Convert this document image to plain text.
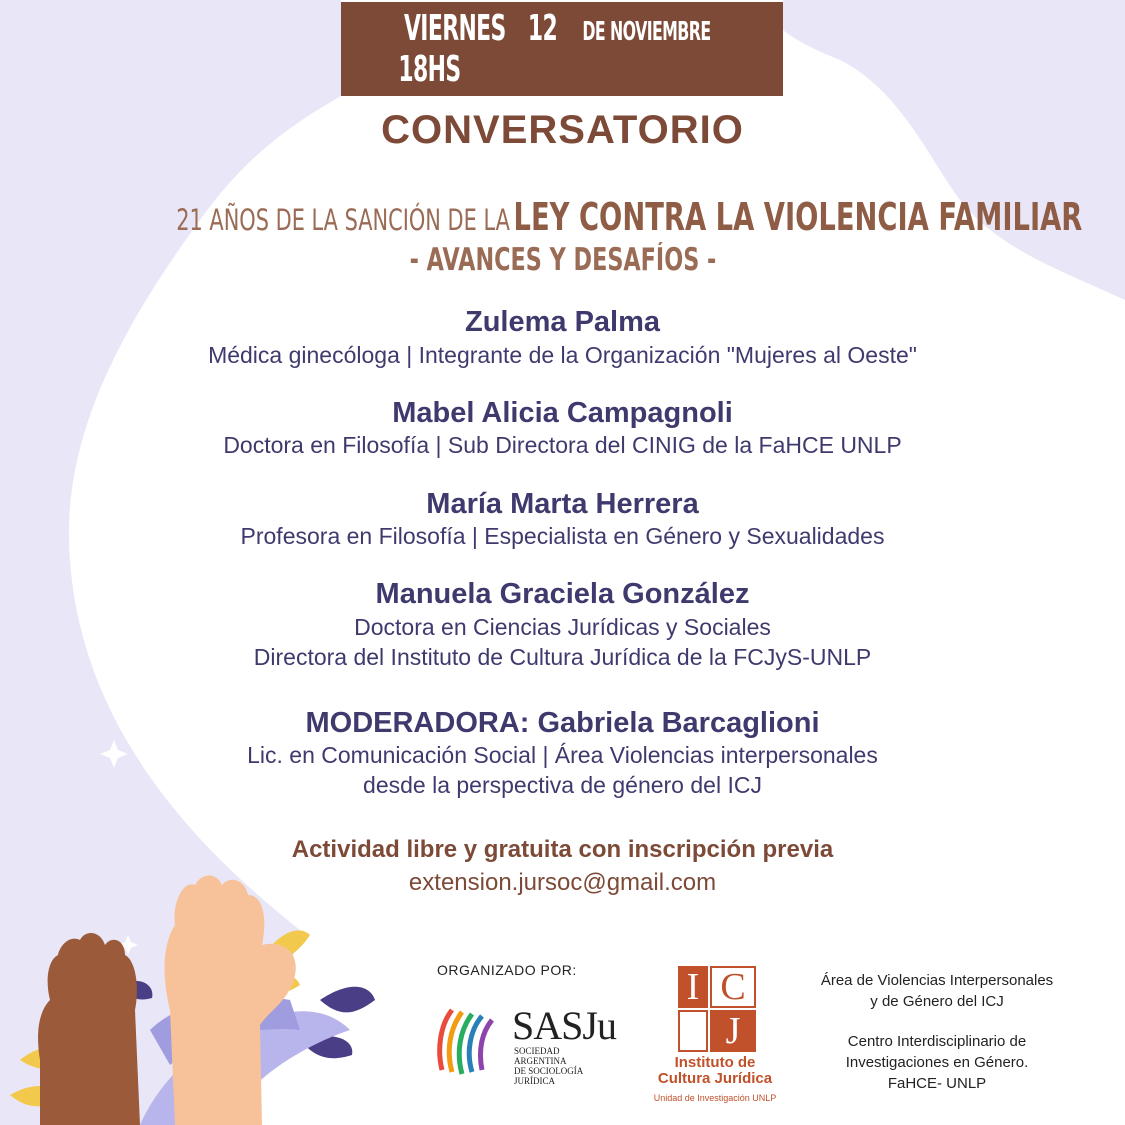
VIERNES 12 DE NOVIEMBRE 18HS
CONVERSATORIO
21 AÑOS DE LA SANCIÓN DE LA LEY CONTRA LA VIOLENCIA FAMILIAR
- AVANCES Y DESAFÍOS -
Zulema Palma
Médica ginecóloga | Integrante de la Organización "Mujeres al Oeste"
Mabel Alicia Campagnoli
Doctora en Filosofía | Sub Directora del CINIG de la FaHCE UNLP
María Marta Herrera
Profesora en Filosofía | Especialista en Género y Sexualidades
Manuela Graciela González
Doctora en Ciencias Jurídicas y Sociales
Directora del Instituto de Cultura Jurídica de la FCJyS-UNLP
MODERADORA: Gabriela Barcaglioni
Lic. en Comunicación Social | Área Violencias interpersonales
desde la perspectiva de género del ICJ
Actividad libre y gratuita con inscripción previa
extension.jursoc@gmail.com
ORGANIZADO POR:
SASJu
SOCIEDAD
ARGENTINA
DE SOCIOLOGÍA
JURÍDICA
I C
J
Instituto de
Cultura Jurídica
Unidad de Investigación UNLP
Área de Violencias Interpersonales
y de Género del ICJ
Centro Interdisciplinario de
Investigaciones en Género.
FaHCE- UNLP
